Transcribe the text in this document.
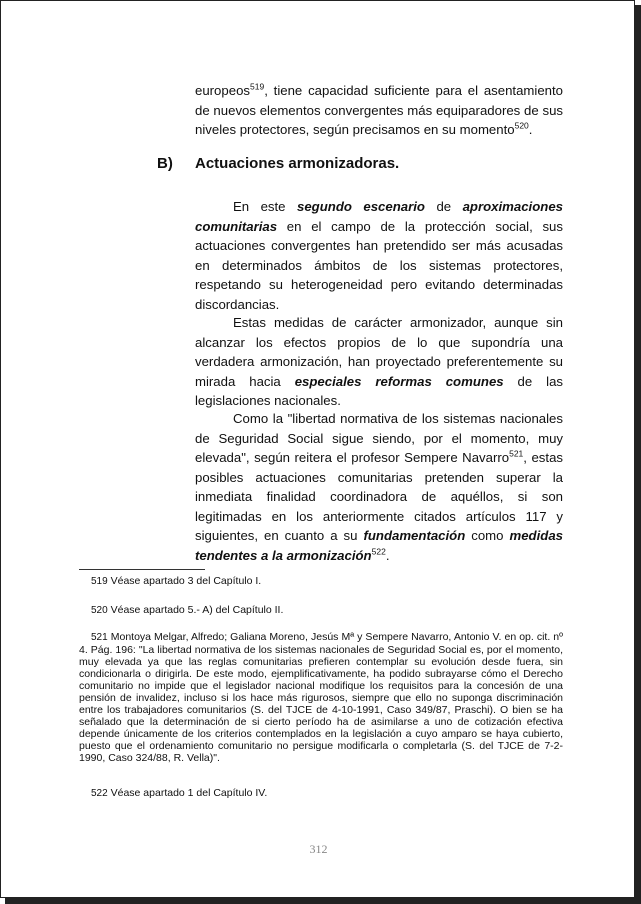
europeos$^{519}$, tiene capacidad suficiente para el asentamiento de nuevos elementos convergentes más equiparadores de sus niveles protectores, según precisamos en su momento$^{520}$.

B) Actuaciones armonizadoras.

En este segundo escenario de aproximaciones comunitarias en el campo de la protección social, sus actuaciones convergentes han pretendido ser más acusadas en determinados ámbitos de los sistemas protectores, respetando su heterogeneidad pero evitando determinadas discordancias.

Estas medidas de carácter armonizador, aunque sin alcanzar los efectos propios de lo que supondría una verdadera armonización, han proyectado preferentemente su mirada hacia especiales reformas comunes de las legislaciones nacionales.

Como la "libertad normativa de los sistemas nacionales de Seguridad Social sigue siendo, por el momento, muy elevada", según reitera el profesor Sempere Navarro$^{521}$, estas posibles actuaciones comunitarias pretenden superar la inmediata finalidad coordinadora de aquéllos, si son legitimadas en los anteriormente citados artículos 117 y siguientes, en cuanto a su fundamentación como medidas tendentes a la armonización$^{522}$.

519 Véase apartado 3 del Capítulo I.

520 Véase apartado 5.- A) del Capítulo II.

521 Montoya Melgar, Alfredo; Galiana Moreno, Jesús Mª y Sempere Navarro, Antonio V. en op. cit. nº 4. Pág. 196: "La libertad normativa de los sistemas nacionales de Seguridad Social es, por el momento, muy elevada ya que las reglas comunitarias prefieren contemplar su evolución desde fuera, sin condicionarla o dirigirla. De este modo, ejemplificativamente, ha podido subrayarse cómo el Derecho comunitario no impide que el legislador nacional modifique los requisitos para la concesión de una pensión de invalidez, incluso si los hace más rigurosos, siempre que ello no suponga discriminación entre los trabajadores comunitarios (S. del TJCE de 4-10-1991, Caso 349/87, Praschi). O bien se ha señalado que la determinación de si cierto período ha de asimilarse a uno de cotización efectiva depende únicamente de los criterios contemplados en la legislación a cuyo amparo se haya cubierto, puesto que el ordenamiento comunitario no persigue modificarla o completarla (S. del TJCE de 7-2-1990, Caso 324/88, R. Vella)".

522 Véase apartado 1 del Capítulo IV.

312
